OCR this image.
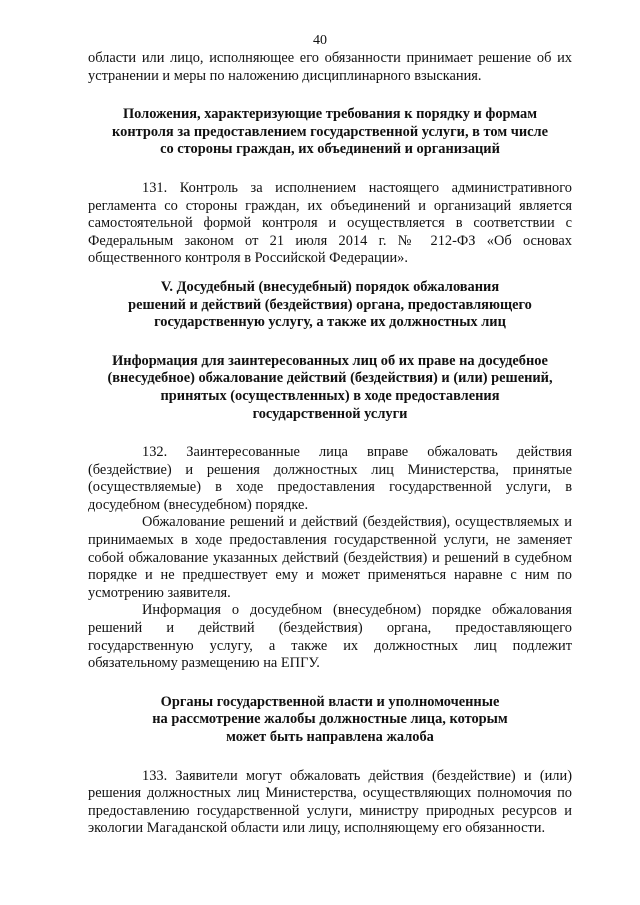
40

области или лицо, исполняющее его обязанности принимает решение об их устранении и меры по наложению дисциплинарного взыскания.

Положения, характеризующие требования к порядку и формам
контроля за предоставлением государственной услуги, в том числе
со стороны граждан, их объединений и организаций

131. Контроль за исполнением настоящего административного регламента со стороны граждан, их объединений и организаций является самостоятельной формой контроля и осуществляется в соответствии с Федеральным законом от 21 июля 2014 г. № 212-ФЗ «Об основах общественного контроля в Российской Федерации».

V. Досудебный (внесудебный) порядок обжалования
решений и действий (бездействия) органа, предоставляющего
государственную услугу, а также их должностных лиц
Информация для заинтересованных лиц об их праве на досудебное
(внесудебное) обжалование действий (бездействия) и (или) решений,
принятых (осуществленных) в ходе предоставления
государственной услуги

132. Заинтересованные лица вправе обжаловать действия (бездействие) и решения должностных лиц Министерства, принятые (осуществляемые) в ходе предоставления государственной услуги, в досудебном (внесудебном) порядке.

Обжалование решений и действий (бездействия), осуществляемых и принимаемых в ходе предоставления государственной услуги, не заменяет собой обжалование указанных действий (бездействия) и решений в судебном порядке и не предшествует ему и может применяться наравне с ним по усмотрению заявителя.

Информация о досудебном (внесудебном) порядке обжалования решений и действий (бездействия) органа, предоставляющего государственную услугу, а также их должностных лиц подлежит обязательному размещению на ЕПГУ.

Органы государственной власти и уполномоченные
на рассмотрение жалобы должностные лица, которым
может быть направлена жалоба

133. Заявители могут обжаловать действия (бездействие) и (или) решения должностных лиц Министерства, осуществляющих полномочия по предоставлению государственной услуги, министру природных ресурсов и экологии Магаданской области или лицу, исполняющему его обязанности.
